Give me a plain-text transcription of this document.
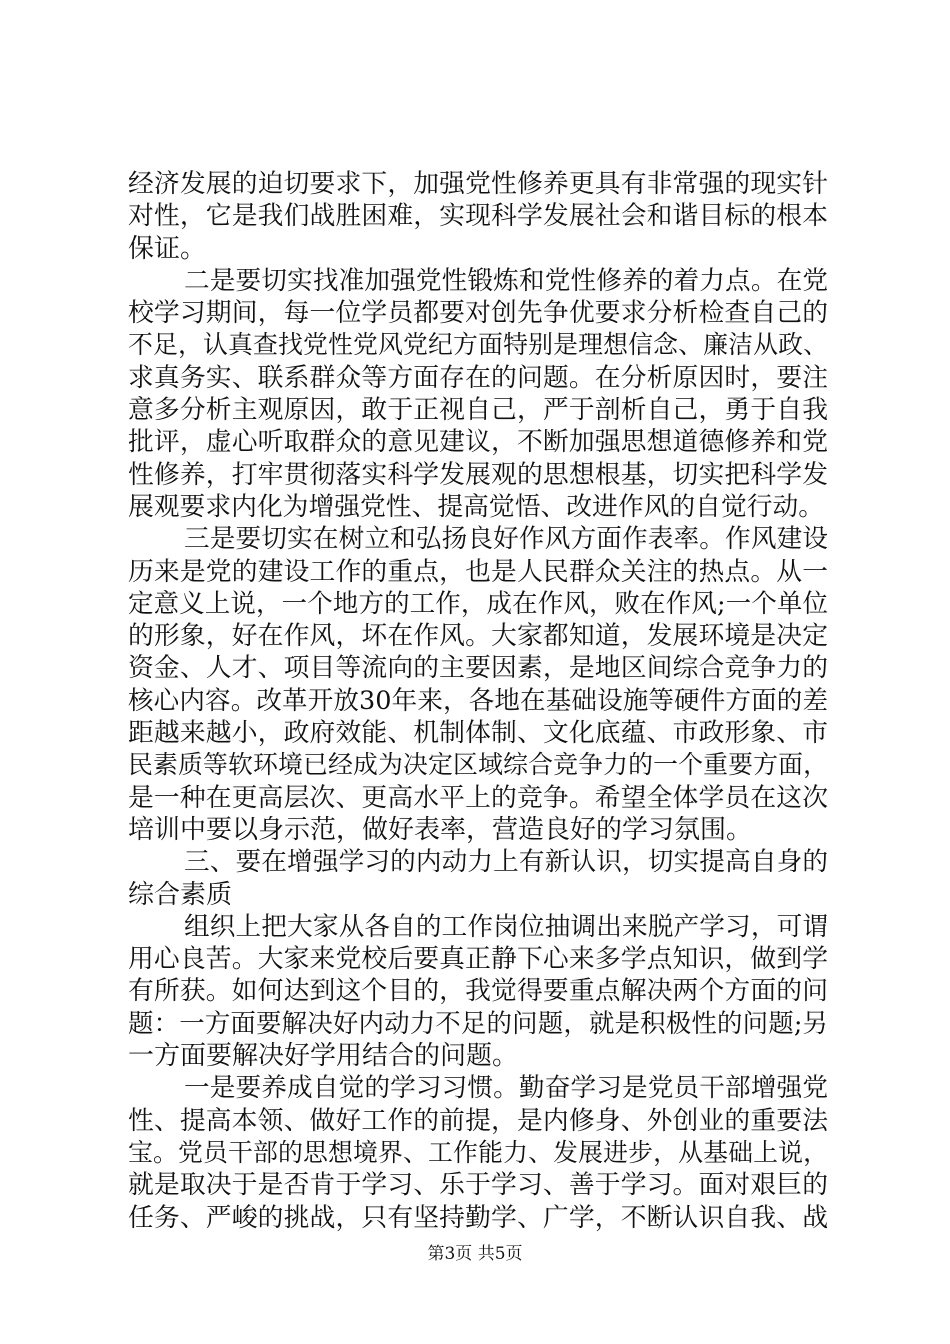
经济发展的迫切要求下，加强党性修养更具有非常强的现实针
对性，它是我们战胜困难，实现科学发展社会和谐目标的根本
保证。
二是要切实找准加强党性锻炼和党性修养的着力点。在党
校学习期间，每一位学员都要对创先争优要求分析检查自己的
不足，认真查找党性党风党纪方面特别是理想信念、廉洁从政、
求真务实、联系群众等方面存在的问题。在分析原因时，要注
意多分析主观原因，敢于正视自己，严于剖析自己，勇于自我
批评，虚心听取群众的意见建议，不断加强思想道德修养和党
性修养，打牢贯彻落实科学发展观的思想根基，切实把科学发
展观要求内化为增强党性、提高觉悟、改进作风的自觉行动。
三是要切实在树立和弘扬良好作风方面作表率。作风建设
历来是党的建设工作的重点，也是人民群众关注的热点。从一
定意义上说，一个地方的工作，成在作风，败在作风;一个单位
的形象，好在作风，坏在作风。大家都知道，发展环境是决定
资金、人才、项目等流向的主要因素，是地区间综合竞争力的
核心内容。改革开放30年来，各地在基础设施等硬件方面的差
距越来越小，政府效能、机制体制、文化底蕴、市政形象、市
民素质等软环境已经成为决定区域综合竞争力的一个重要方面，
是一种在更高层次、更高水平上的竞争。希望全体学员在这次
培训中要以身示范，做好表率，营造良好的学习氛围。
三、要在增强学习的内动力上有新认识，切实提高自身的
综合素质
组织上把大家从各自的工作岗位抽调出来脱产学习，可谓
用心良苦。大家来党校后要真正静下心来多学点知识，做到学
有所获。如何达到这个目的，我觉得要重点解决两个方面的问
题：一方面要解决好内动力不足的问题，就是积极性的问题;另
一方面要解决好学用结合的问题。
一是要养成自觉的学习习惯。勤奋学习是党员干部增强党
性、提高本领、做好工作的前提，是内修身、外创业的重要法
宝。党员干部的思想境界、工作能力、发展进步，从基础上说，
就是取决于是否肯于学习、乐于学习、善于学习。面对艰巨的
任务、严峻的挑战，只有坚持勤学、广学，不断认识自我、战
第3页 共5页
